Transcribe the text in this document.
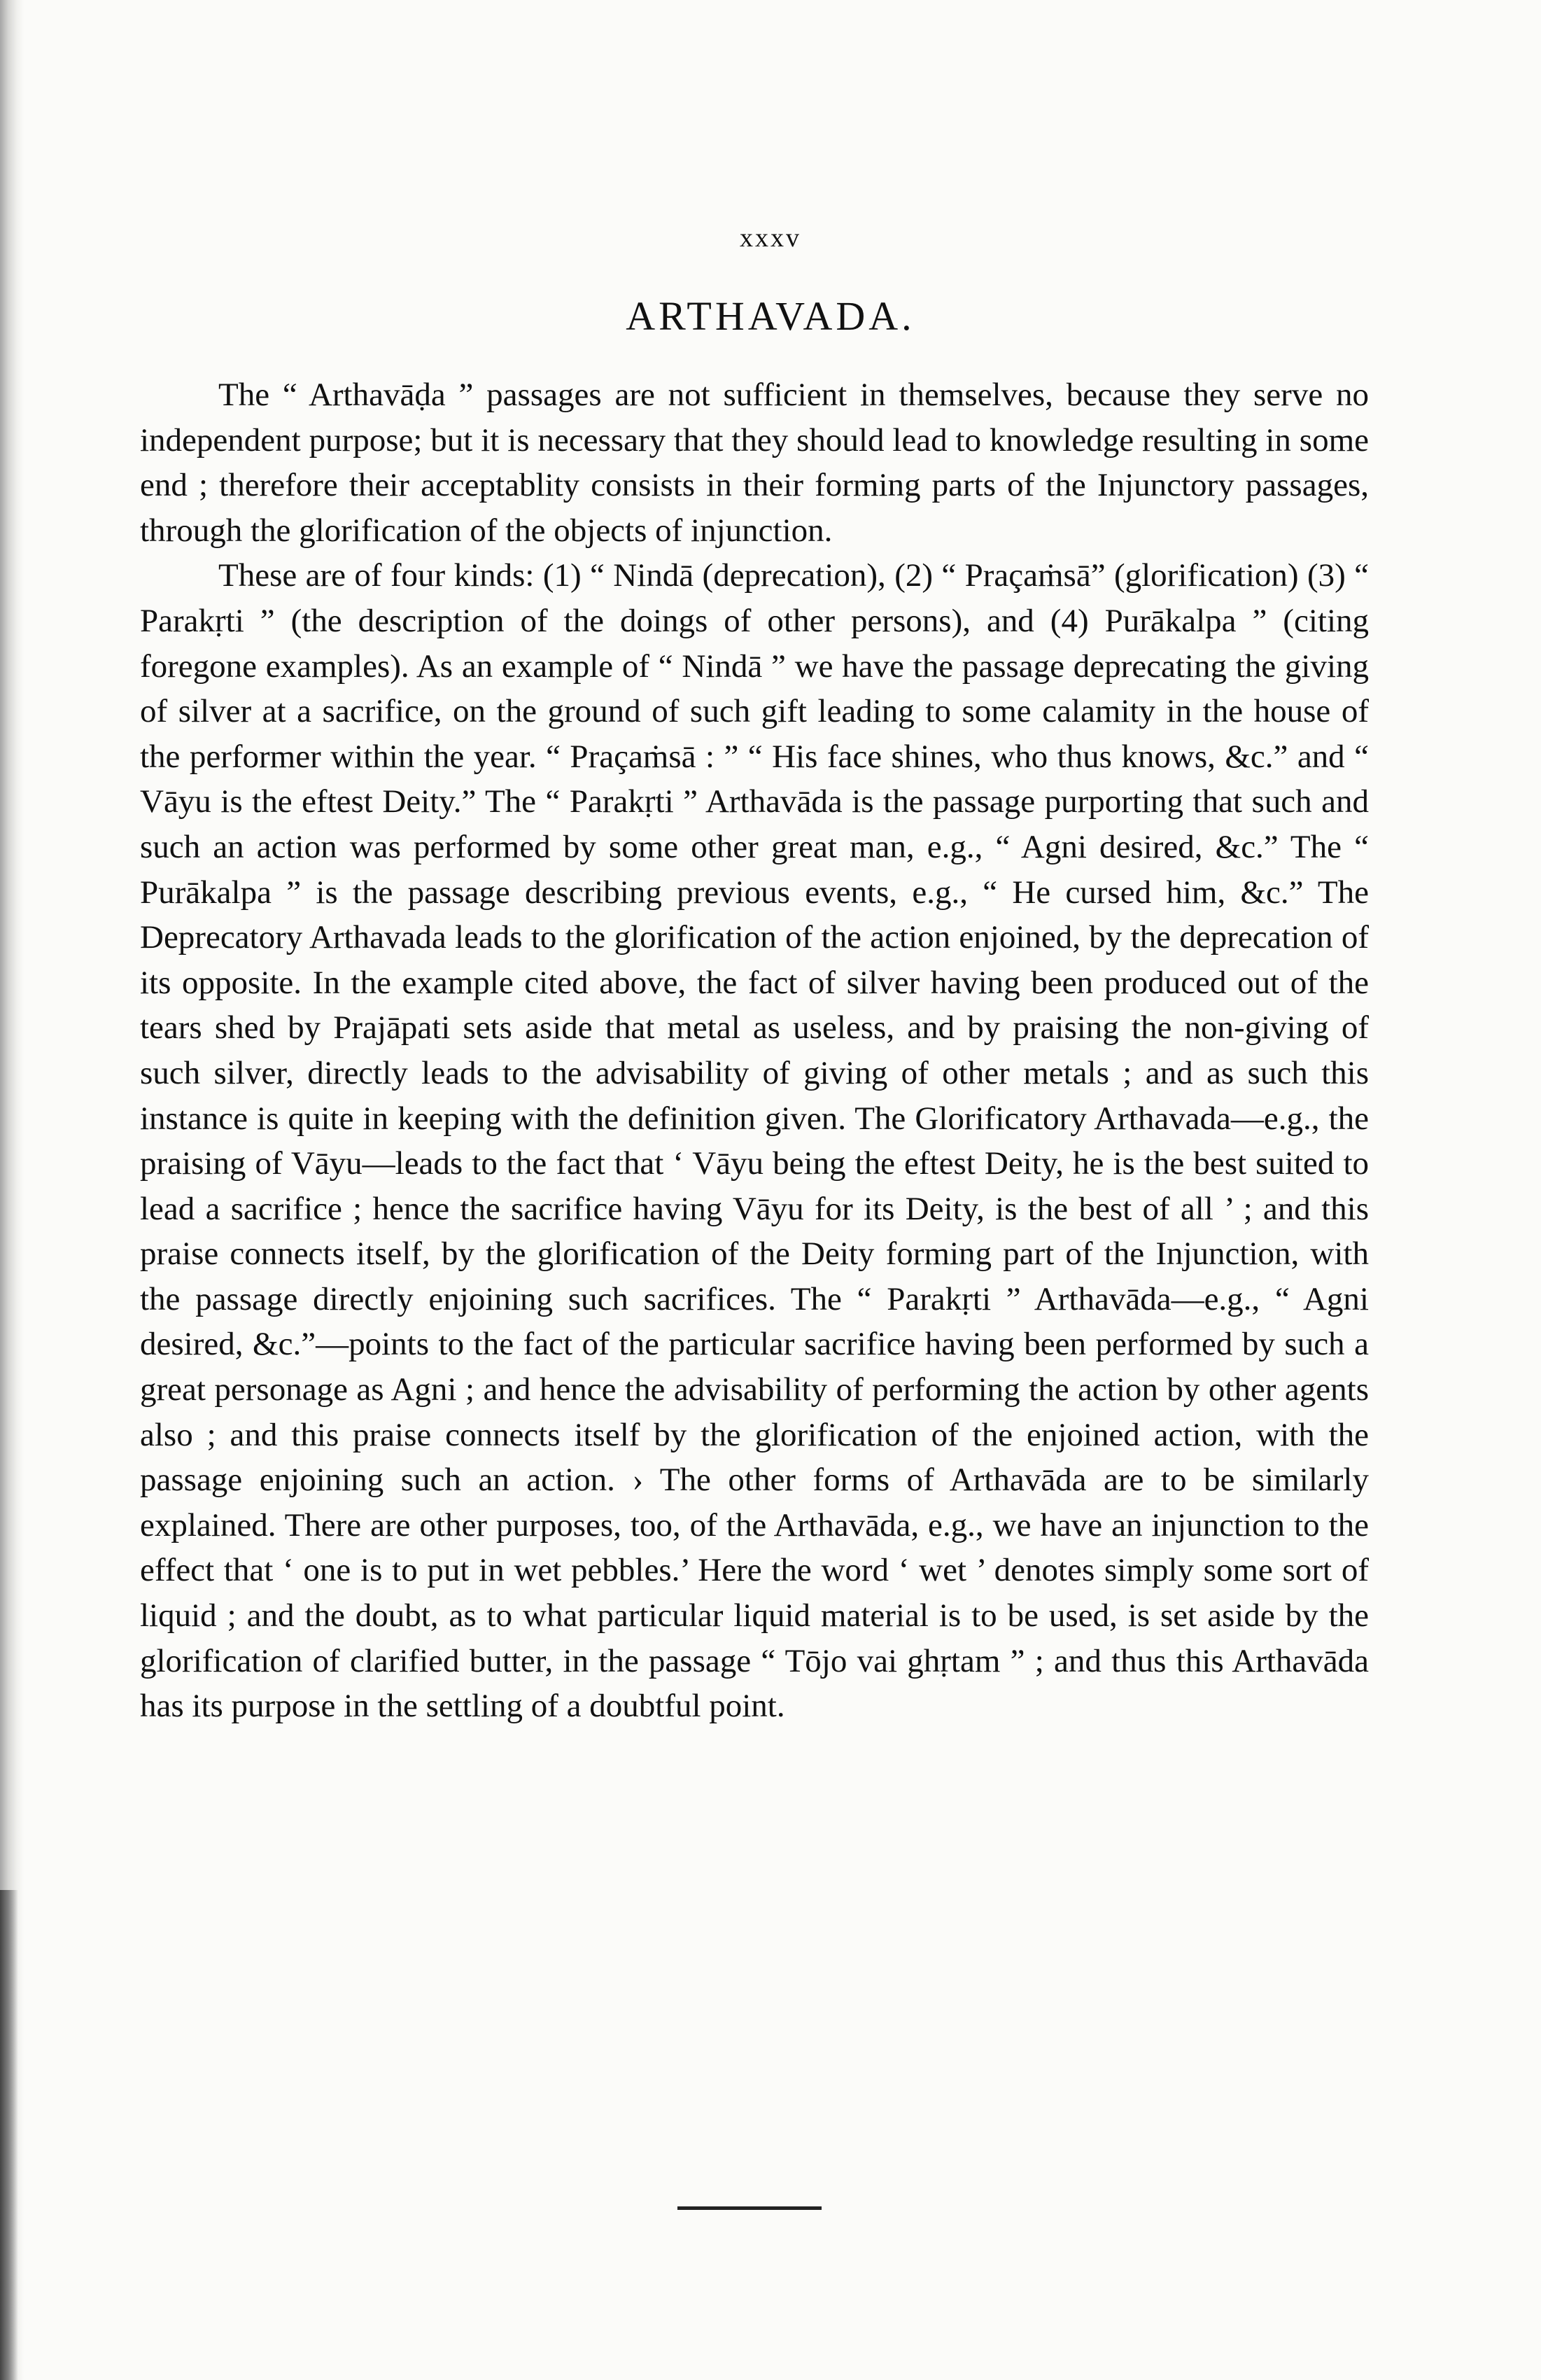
xxxv
ARTHAVADA.

The “ Arthavāḍa ” passages are not sufficient in themselves, because they serve no independent purpose; but it is necessary that they should lead to knowledge resulting in some end ; therefore their acceptablity consists in their forming parts of the Injunctory passages, through the glorification of the objects of injunction.

These are of four kinds: (1) “ Nindā (deprecation), (2) “ Praçaṁsā” (glorification) (3) “ Parakṛti ” (the description of the doings of other persons), and (4) Purākalpa ” (citing foregone examples). As an example of “ Nindā ” we have the passage deprecating the giving of silver at a sacrifice, on the ground of such gift leading to some calamity in the house of the performer within the year. “ Praçaṁsā : ” “ His face shines, who thus knows, &c.” and “ Vāyu is the eftest Deity.” The “ Parakṛti ” Arthavāda is the passage purporting that such and such an action was performed by some other great man, e.g., “ Agni desired, &c.” The “ Purākalpa ” is the passage describing previous events, e.g., “ He cursed him, &c.” The Deprecatory Arthavada leads to the glorification of the action enjoined, by the deprecation of its opposite. In the example cited above, the fact of silver having been produced out of the tears shed by Prajāpati sets aside that metal as useless, and by praising the non-giving of such silver, directly leads to the advisability of giving of other metals ; and as such this instance is quite in keeping with the definition given. The Glorificatory Arthavada—e.g., the praising of Vāyu—leads to the fact that ‘ Vāyu being the eftest Deity, he is the best suited to lead a sacrifice ; hence the sacrifice having Vāyu for its Deity, is the best of all ’ ; and this praise connects itself, by the glorification of the Deity forming part of the Injunction, with the passage directly enjoining such sacrifices. The “ Parakṛti ” Arthavāda—e.g., “ Agni desired, &c.”—points to the fact of the particular sacrifice having been performed by such a great personage as Agni ; and hence the advisability of performing the action by other agents also ; and this praise connects itself by the glorification of the enjoined action, with the passage enjoining such an action. › The other forms of Arthavāda are to be similarly explained. There are other purposes, too, of the Arthavāda, e.g., we have an injunction to the effect that ‘ one is to put in wet pebbles.’ Here the word ‘ wet ’ denotes simply some sort of liquid ; and the doubt, as to what particular liquid material is to be used, is set aside by the glorification of clarified butter, in the passage “ Tōjo vai ghṛtam ” ; and thus this Arthavāda has its purpose in the settling of a doubtful point.
